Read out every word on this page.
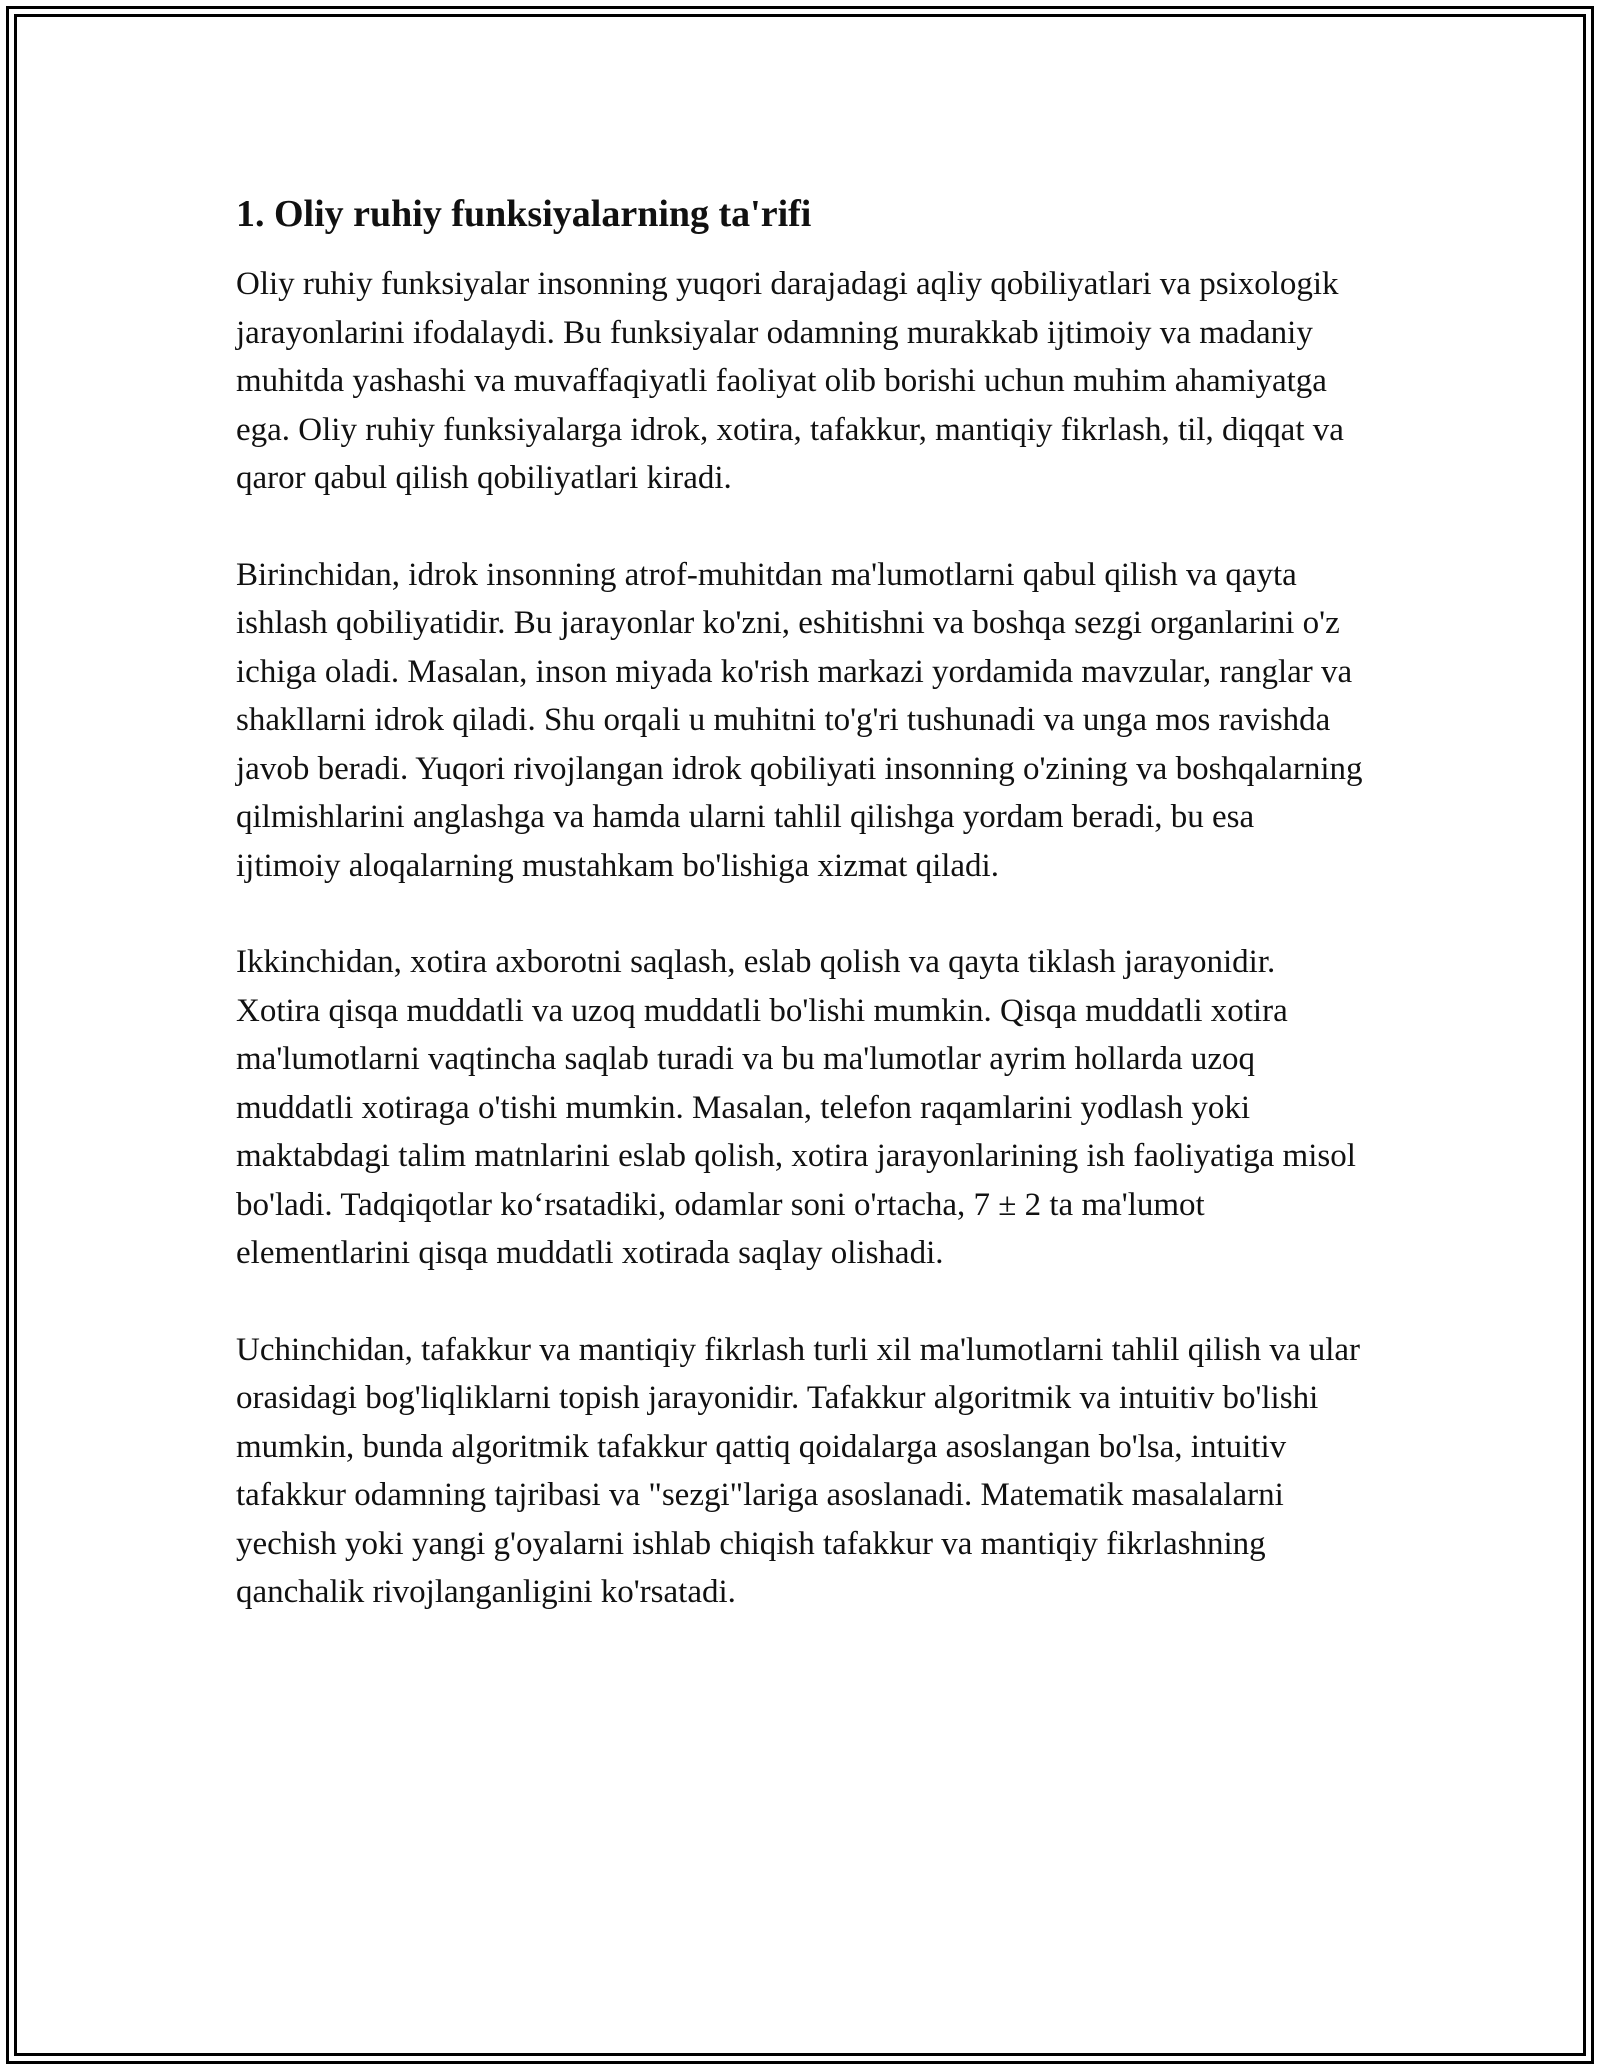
1. Oliy ruhiy funksiyalarning ta'rifi

Oliy ruhiy funksiyalar insonning yuqori darajadagi aqliy qobiliyatlari va psixologik jarayonlarini ifodalaydi. Bu funksiyalar odamning murakkab ijtimoiy va madaniy muhitda yashashi va muvaffaqiyatli faoliyat olib borishi uchun muhim ahamiyatga ega. Oliy ruhiy funksiyalarga idrok, xotira, tafakkur, mantiqiy fikrlash, til, diqqat va qaror qabul qilish qobiliyatlari kiradi.

Birinchidan, idrok insonning atrof-muhitdan ma'lumotlarni qabul qilish va qayta ishlash qobiliyatidir. Bu jarayonlar ko'zni, eshitishni va boshqa sezgi organlarini o'z ichiga oladi. Masalan, inson miyada ko'rish markazi yordamida mavzular, ranglar va shakllarni idrok qiladi. Shu orqali u muhitni to'g'ri tushunadi va unga mos ravishda javob beradi. Yuqori rivojlangan idrok qobiliyati insonning o'zining va boshqalarning qilmishlarini anglashga va hamda ularni tahlil qilishga yordam beradi, bu esa ijtimoiy aloqalarning mustahkam bo'lishiga xizmat qiladi.

Ikkinchidan, xotira axborotni saqlash, eslab qolish va qayta tiklash jarayonidir. Xotira qisqa muddatli va uzoq muddatli bo'lishi mumkin. Qisqa muddatli xotira ma'lumotlarni vaqtincha saqlab turadi va bu ma'lumotlar ayrim hollarda uzoq muddatli xotiraga o'tishi mumkin. Masalan, telefon raqamlarini yodlash yoki maktabdagi talim matnlarini eslab qolish, xotira jarayonlarining ish faoliyatiga misol bo'ladi. Tadqiqotlar ko‘rsatadiki, odamlar soni o'rtacha, 7 ± 2 ta ma'lumot elementlarini qisqa muddatli xotirada saqlay olishadi.

Uchinchidan, tafakkur va mantiqiy fikrlash turli xil ma'lumotlarni tahlil qilish va ular orasidagi bog'liqliklarni topish jarayonidir. Tafakkur algoritmik va intuitiv bo'lishi mumkin, bunda algoritmik tafakkur qattiq qoidalarga asoslangan bo'lsa, intuitiv tafakkur odamning tajribasi va "sezgi"lariga asoslanadi. Matematik masalalarni yechish yoki yangi g'oyalarni ishlab chiqish tafakkur va mantiqiy fikrlashning qanchalik rivojlanganligini ko'rsatadi.
